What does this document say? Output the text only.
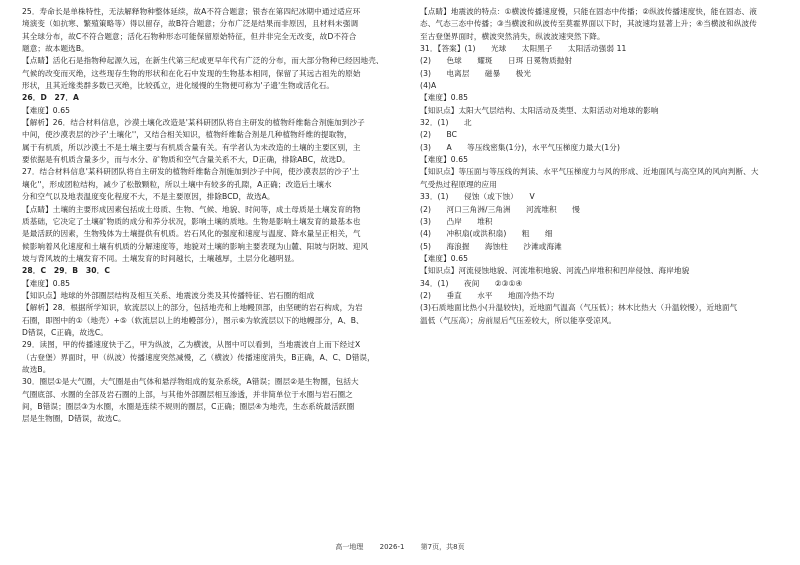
25．寿命长是单株特性，无法解释物种整体延续，故A不符合题意；银杏在第四纪冰期中通过适应环

境演变（如抗寒、繁殖策略等）得以留存，故B符合题意；分布广泛是结果而非原因，且材料未强调

其全球分布，故C不符合题意；活化石物种形态可能保留原始特征，但并非完全无改变，故D不符合

题意；故本题选B。

【点睛】活化石是指物种起源久远，在新生代第三纪或更早年代有广泛的分布，而大部分物种已经因地壳、

气候的改变而灭绝，这些现存生物的形状和在化石中发现的生物基本相同，保留了其远古祖先的原始

形状，且其近缘类群多数已灭绝，比较孤立，进化缓慢的生物便可称为'子遗'生物或活化石。

26．D　27．A

【难度】0.65

【解析】26．结合材料信息，沙漠土壤化改造是'某科研团队将自主研发的植物纤维黏合剂施加到沙子

中间，使沙漠表层的沙子'土壤化''，又结合相关知识，植物纤维黏合剂是几种植物纤维的提取物，

属于有机质，所以沙漠土不是土壤主要与有机质含量有关。有学者认为未改造的土壤的主要区别，主

要依据是有机质含量多少，而与水分、矿物质和空气含量关系不大，D正确，排除ABC，故选D。

27．结合材料信息'某科研团队将自主研发的植物纤维黏合剂施加到沙子中间，使沙漠表层的沙子'土

壤化''，形成团粒结构，减少了松散颗粒，所以土壤中有较多的孔隙，A正确；改造后土壤水

分和空气以及地表温度变化程度不大，不是主要原因，排除BCD，故选A。

【点睛】土壤的主要形成因素包括成土母质、生物、气候、地貌、时间等，成土母质是土壤发育的物

质基础，它决定了土壤矿物质的成分和养分状况，影响土壤的质地。生物是影响土壤发育的最基本也

是最活跃的因素，生物残体为土壤提供有机质。岩石风化的强度和速度与温度、降水量呈正相关，气

候影响着风化速度和土壤有机质的分解速度等，地貌对土壤的影响主要表现为山麓、阳坡与阴坡、迎风

坡与背风坡的土壤发育不同。土壤发育的时间越长，土壤越厚，土层分化越明显。

28．C　29．B　30．C

【难度】0.85

【知识点】地球的外部圈层结构及相互关系、地震波分类及其传播特征、岩石圈的组成

【解析】28．根据所学知识，软流层以上的部分，包括地壳和上地幔顶部，由坚硬的岩石构成，为岩

石圈，即图中的①（地壳）+⑤（软流层以上的地幔部分），图示⑥为软流层以下的地幔部分，A、B、

D错误，C正确，故选C。

29．读图，甲的传播速度快于乙，甲为纵波，乙为横波，从图中可以看到，当地震波自上而下经过X

（古登堡）界面时，甲（纵波）传播速度突然减慢，乙（横波）传播速度消失，B正确，A、C、D错误，

故选B。

30．圈层①是大气圈，大气圈是由气体和悬浮物组成的复杂系统，A错误；圈层②是生物圈，包括大

气圈底部、水圈的全部及岩石圈的上部，与其他外部圈层相互渗透，并非简单位于水圈与岩石圈之

间，B错误；圈层③为水圈，水圈是连续不规则的圈层，C正确；圈层④为地壳，生态系统最活跃圈

层是生物圈，D错误，故选C。

【点睛】地震波的特点：①横波传播速度慢，只能在固态中传播；②纵波传播速度快，能在固态、液

态、气态三态中传播；③当横波和纵波传至莫霍界面以下时，其波速均显著上升；④当横波和纵波传

至古登堡界面时，横波突然消失，纵波波速突然下降。

31．【答案】(1)　　光球　　太阳黑子　　太阳活动强弱 11

(2)　　色球　　耀斑　　日珥 日冕物质抛射

(3)　　电离层　　磁暴　　极光

(4)A

【难度】0.85

【知识点】太阳大气层结构、太阳活动及类型、太阳活动对地球的影响

32．(1)　　北

(2)　　BC

(3)　　A　　等压线密集(1分)，水平气压梯度力最大(1分)

【难度】0.65

【知识点】等压面与等压线的判读、水平气压梯度力与风的形成、近地面风与高空风的风向判断、大

气受热过程原理的应用

33．(1)　　侵蚀（或下蚀）　　V

(2)　　河口三角洲/三角洲　　河流堆积　　慢

(3)　　凸岸　　堆积

(4)　　冲积扇(或洪积扇)　　粗　　细

(5)　　海浪握　　海蚀柱　　沙滩或海滩

【难度】0.65

【知识点】河流侵蚀地貌、河流堆积地貌、河流凸岸堆积和凹岸侵蚀、海岸地貌

34．(1)　　夜间　　②③①④

(2)　　垂直　　水平　　地面冷热不均

(3)石质地面比热小(升温较快)，近地面气温高（气压低）；林木比热大（升温较慢），近地面气

温低（气压高）；房前屋后气压差较大，所以能享受凉风。

高一地理 2026-1 第7页，共8页
